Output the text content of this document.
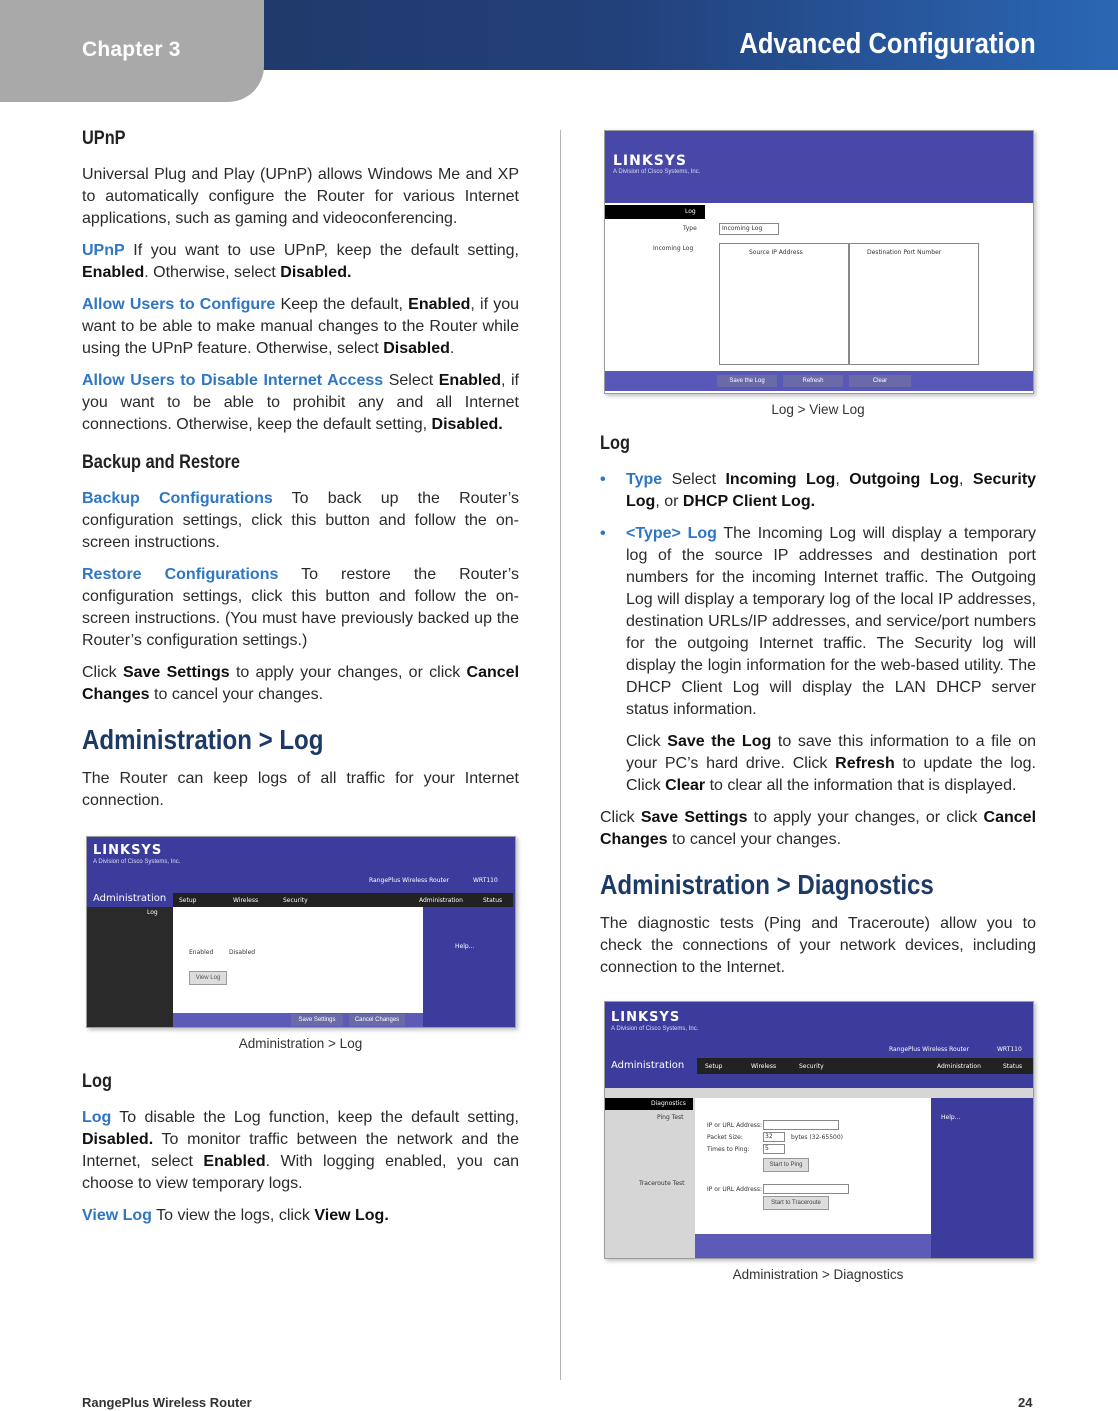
Chapter 3	Advanced Configuration
UPnP

Universal Plug and Play (UPnP) allows Windows Me and XP to automatically configure the Router for various Internet applications, such as gaming and videoconferencing.

UPnP If you want to use UPnP, keep the default setting, Enabled. Otherwise, select Disabled.

Allow Users to Configure Keep the default, Enabled, if you want to be able to make manual changes to the Router while using the UPnP feature. Otherwise, select Disabled.

Allow Users to Disable Internet Access Select Enabled, if you want to be able to prohibit any and all Internet connections. Otherwise, keep the default setting, Disabled.

Backup and Restore

Backup Configurations To back up the Router’s configuration settings, click this button and follow the on-screen instructions.

Restore Configurations To restore the Router’s configuration settings, click this button and follow the on-screen instructions. (You must have previously backed up the Router’s configuration settings.)

Click Save Settings to apply your changes, or click Cancel Changes to cancel your changes.

Administration > Log

The Router can keep logs of all traffic for your Internet connection.

LINKSYS
A Division of Cisco Systems, Inc.
Administration
RangePlus Wireless Router	WRT110
Setup	Wireless	Security	Administration	Status
Log
Enabled	Disabled
View Log
Help...
Save Settings	Cancel Changes
Administration > Log
Log

Log To disable the Log function, keep the default setting, Disabled. To monitor traffic between the network and the Internet, select Enabled. With logging enabled, you can choose to view temporary logs.

View Log To view the logs, click View Log.

LINKSYS
A Division of Cisco Systems, Inc.
Log
Type	Incoming Log
Incoming Log
Source IP Address	Destination Port Number
Save the Log	Refresh	Clear
Log > View Log
Log
• Type Select Incoming Log, Outgoing Log, Security Log, or DHCP Client Log.
• <Type> Log The Incoming Log will display a temporary log of the source IP addresses and destination port numbers for the incoming Internet traffic. The Outgoing Log will display a temporary log of the local IP addresses, destination URLs/IP addresses, and service/port numbers for the outgoing Internet traffic. The Security log will display the login information for the web-based utility. The DHCP Client Log will display the LAN DHCP server status information.

Click Save the Log to save this information to a file on your PC’s hard drive. Click Refresh to update the log. Click Clear to clear all the information that is displayed.

Click Save Settings to apply your changes, or click Cancel Changes to cancel your changes.

Administration > Diagnostics

The diagnostic tests (Ping and Traceroute) allow you to check the connections of your network devices, including connection to the Internet.

LINKSYS
A Division of Cisco Systems, Inc.
Administration
RangePlus Wireless Router	WRT110
Setup	Wireless	Security	Administration	Status
Diagnostics
Ping Test
IP or URL Address:
Packet Size:	32	bytes (32-65500)
Times to Ping:	5
Start to Ping
Traceroute Test
IP or URL Address:
Start to Traceroute
Help...
Administration > Diagnostics
RangePlus Wireless Router	24
